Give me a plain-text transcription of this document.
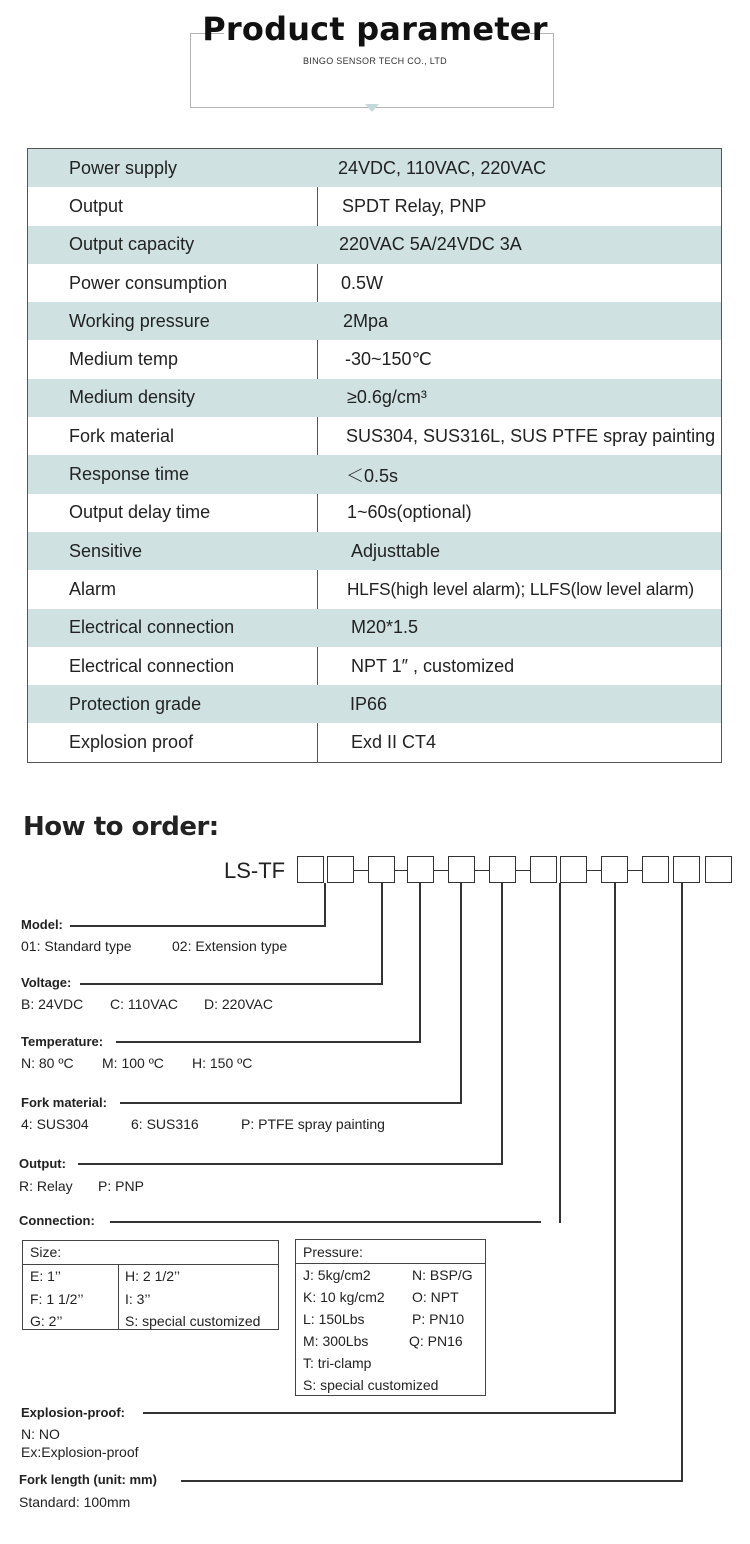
Product parameter
BINGO SENSOR TECH CO., LTD
Power supply	24VDC, 110VAC, 220VAC
Output	SPDT Relay, PNP
Output capacity	220VAC 5A/24VDC 3A
Power consumption	0.5W
Working pressure	2Mpa
Medium temp	-30~150℃
Medium density	≥0.6g/cm³
Fork material	SUS304, SUS316L, SUS PTFE spray painting
Response time	＜0.5s
Output delay time	1~60s(optional)
Sensitive	Adjusttable
Alarm	HLFS(high level alarm); LLFS(low level alarm)
Electrical connection	M20*1.5
Electrical connection	NPT 1″ , customized
Protection grade	IP66
Explosion proof	Exd II CT4
How to order:
LS-TF
Model:
01: Standard type	02: Extension type
Voltage:
B: 24VDC C: 110VAC D: 220VAC
Temperature:
N: 80 ºC M: 100 ºC H: 150 ºC
Fork material:
4: SUS304	6: SUS316	P: PTFE spray painting
Output:
R: Relay P: PNP
Connection:
Size:
E: 1’’
F: 1 1/2’’
G: 2’’
H: 2 1/2’’
I: 3’’
S: special customized
Pressure:
J: 5kg/cm2	N: BSP/G
K: 10 kg/cm2 O: NPT
L: 150Lbs	P: PN10
M: 300Lbs	Q: PN16
T: tri-clamp
S: special customized
Explosion-proof:
N: NO
Ex:Explosion-proof
Fork length (unit: mm)
Standard: 100mm
